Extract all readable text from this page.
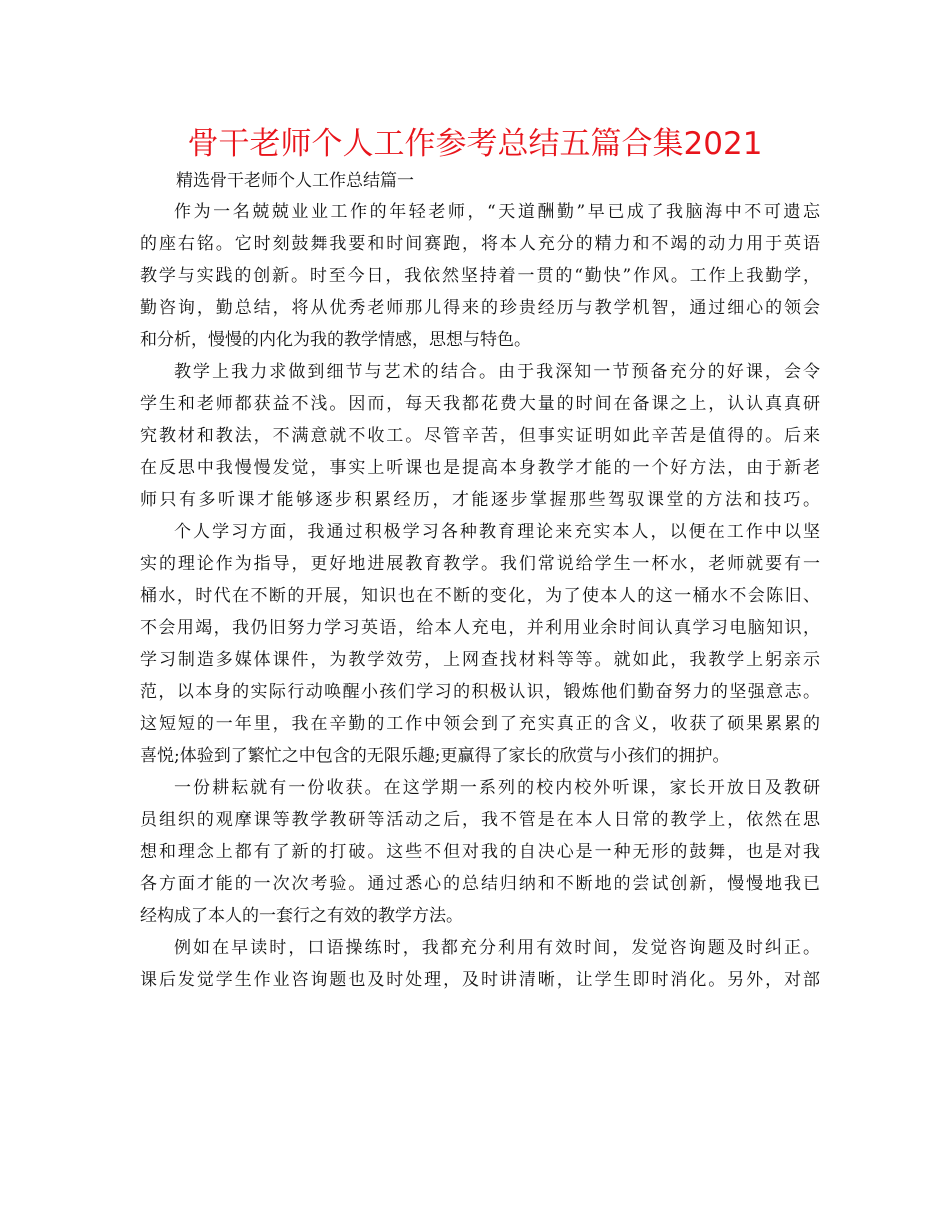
骨干老师个人工作参考总结五篇合集2021

精选骨干老师个人工作总结篇一

作为一名兢兢业业工作的年轻老师，“天道酬勤”早已成了我脑海中不可遗忘
的座右铭。它时刻鼓舞我要和时间赛跑，将本人充分的精力和不竭的动力用于英语
教学与实践的创新。时至今日，我依然坚持着一贯的“勤快”作风。工作上我勤学，
勤咨询，勤总结，将从优秀老师那儿得来的珍贵经历与教学机智，通过细心的领会
和分析，慢慢的内化为我的教学情感，思想与特色。
教学上我力求做到细节与艺术的结合。由于我深知一节预备充分的好课，会令
学生和老师都获益不浅。因而，每天我都花费大量的时间在备课之上，认认真真研
究教材和教法，不满意就不收工。尽管辛苦，但事实证明如此辛苦是值得的。后来
在反思中我慢慢发觉，事实上听课也是提高本身教学才能的一个好方法，由于新老
师只有多听课才能够逐步积累经历，才能逐步掌握那些驾驭课堂的方法和技巧。
个人学习方面，我通过积极学习各种教育理论来充实本人，以便在工作中以坚
实的理论作为指导，更好地进展教育教学。我们常说给学生一杯水，老师就要有一
桶水，时代在不断的开展，知识也在不断的变化，为了使本人的这一桶水不会陈旧、
不会用竭，我仍旧努力学习英语，给本人充电，并利用业余时间认真学习电脑知识，
学习制造多媒体课件，为教学效劳，上网查找材料等等。就如此，我教学上躬亲示
范，以本身的实际行动唤醒小孩们学习的积极认识，锻炼他们勤奋努力的坚强意志。
这短短的一年里，我在辛勤的工作中领会到了充实真正的含义，收获了硕果累累的
喜悦;体验到了繁忙之中包含的无限乐趣;更赢得了家长的欣赏与小孩们的拥护。
一份耕耘就有一份收获。在这学期一系列的校内校外听课，家长开放日及教研
员组织的观摩课等教学教研等活动之后，我不管是在本人日常的教学上，依然在思
想和理念上都有了新的打破。这些不但对我的自决心是一种无形的鼓舞，也是对我
各方面才能的一次次考验。通过悉心的总结归纳和不断地的尝试创新，慢慢地我已
经构成了本人的一套行之有效的教学方法。
例如在早读时，口语操练时，我都充分利用有效时间，发觉咨询题及时纠正。
课后发觉学生作业咨询题也及时处理，及时讲清晰，让学生即时消化。另外，对部
